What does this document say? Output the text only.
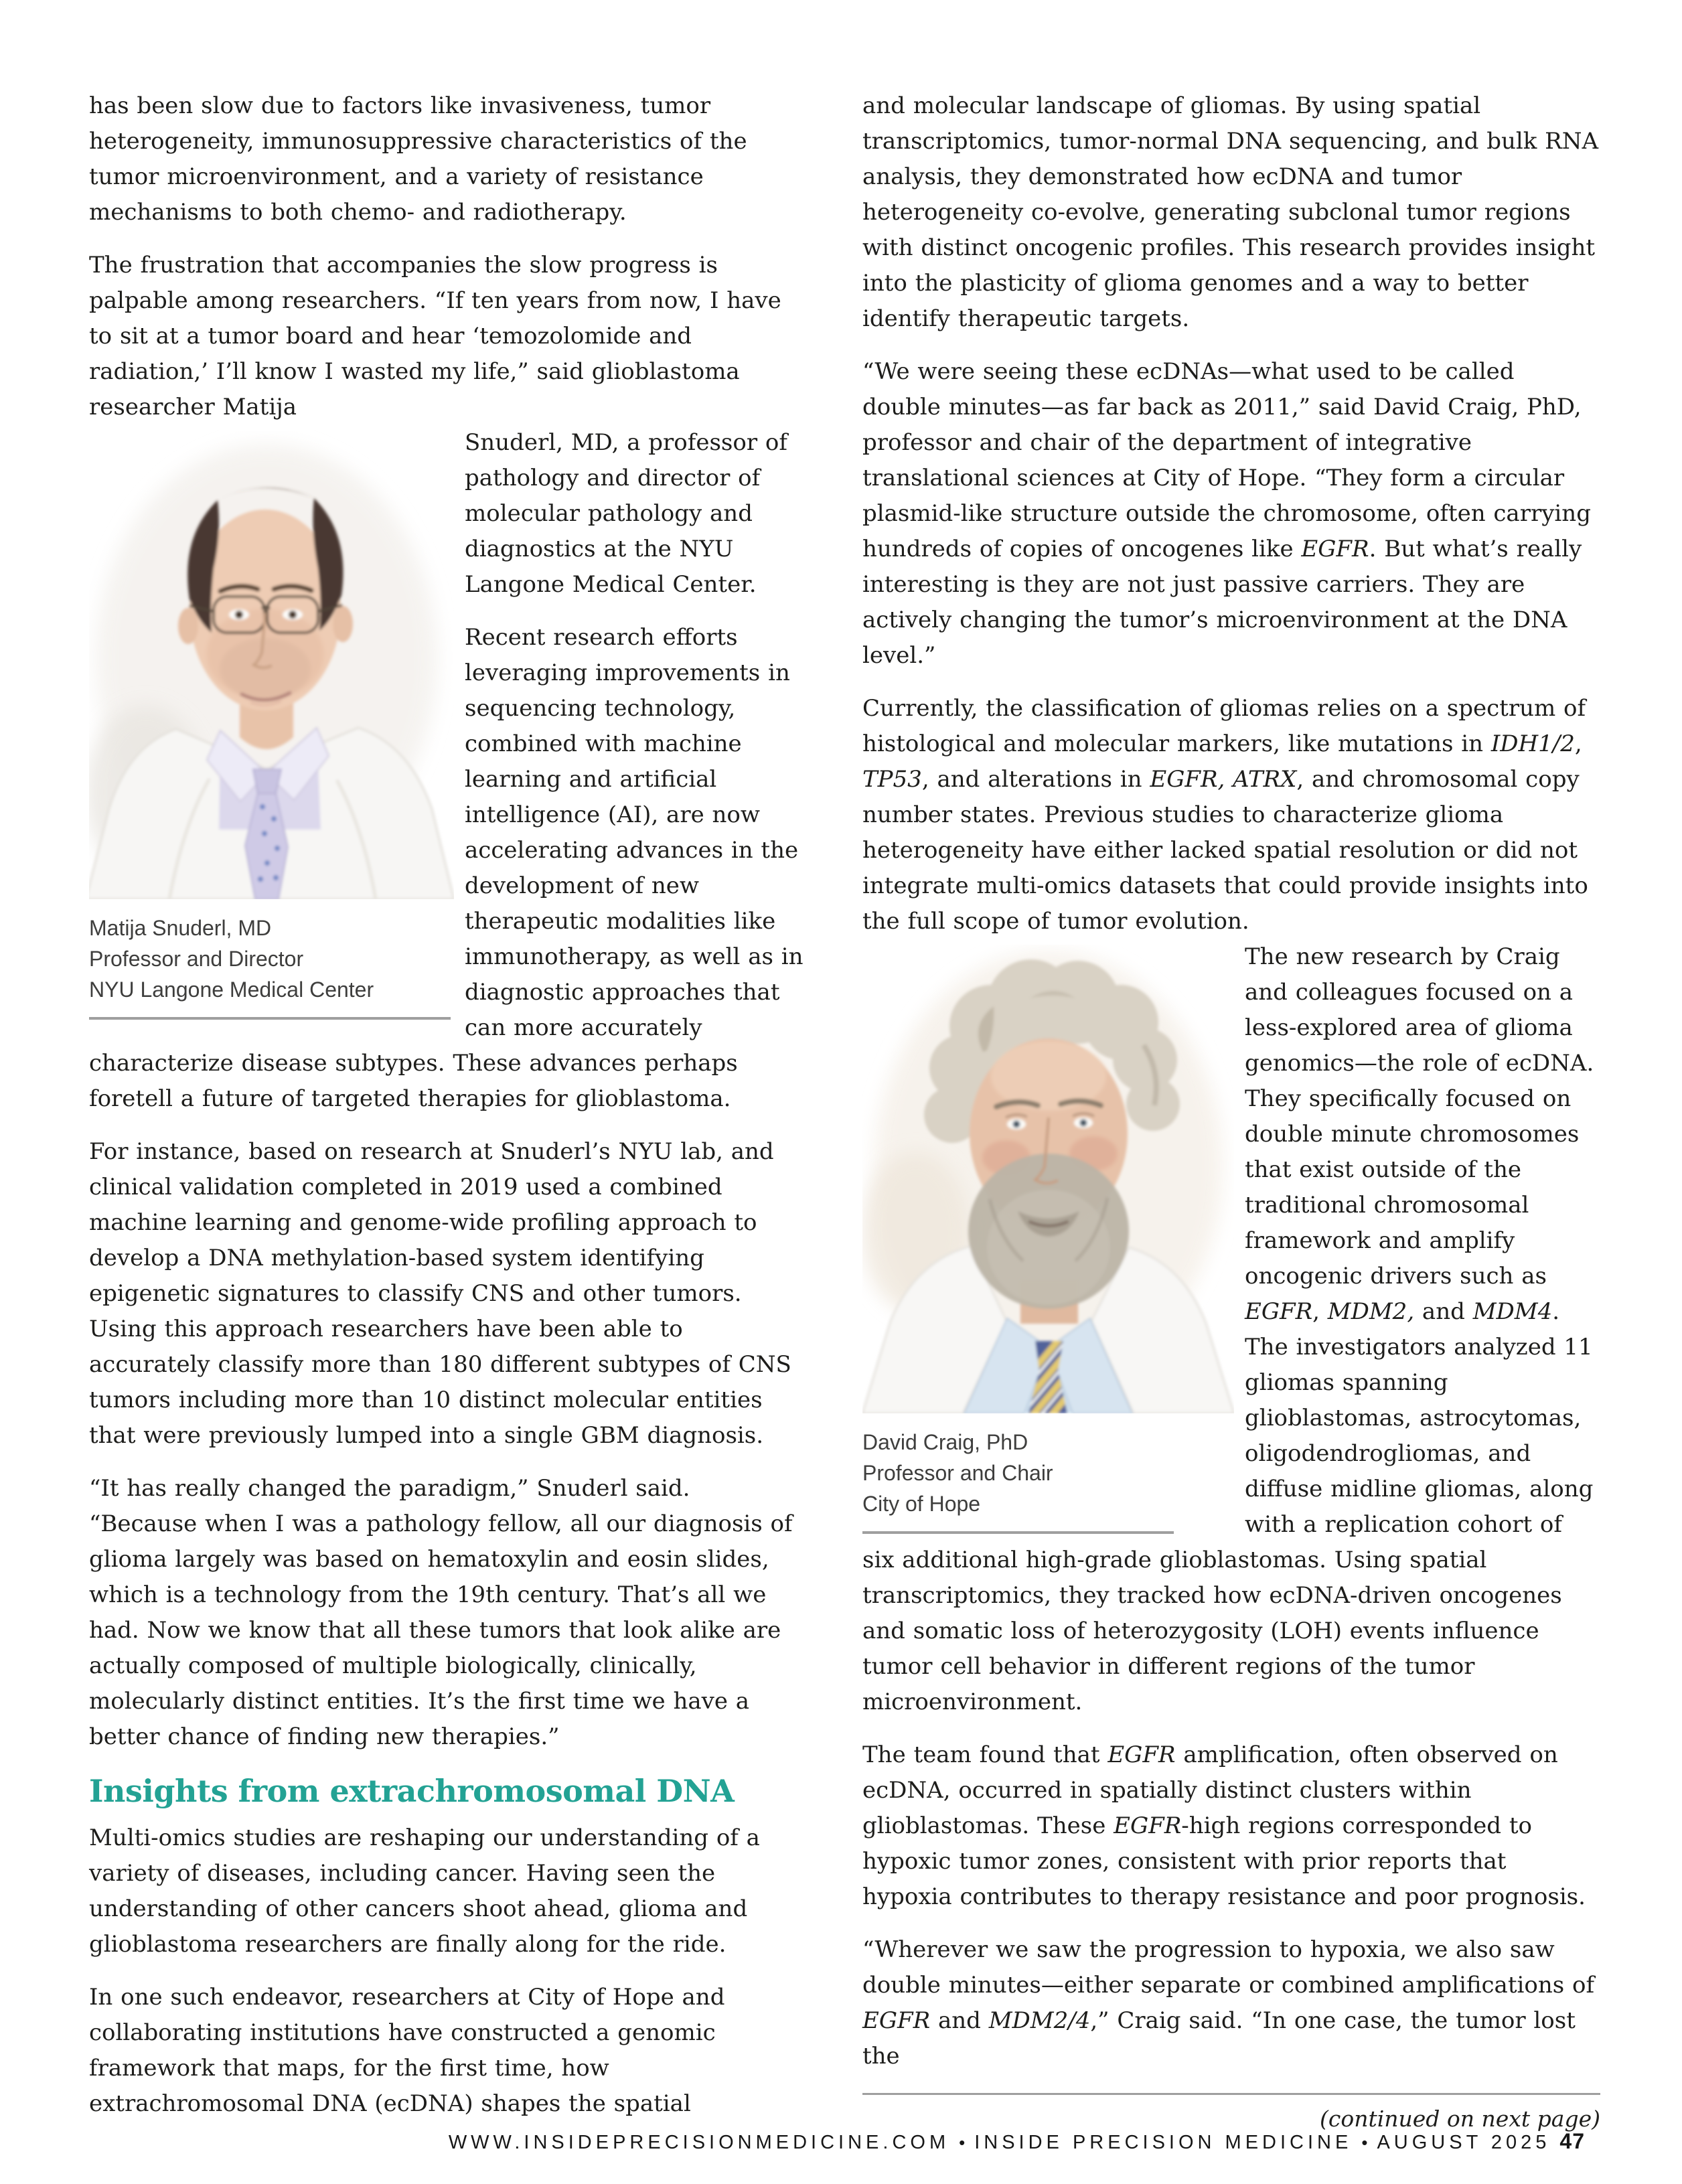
has been slow due to factors like invasiveness, tumor heterogeneity, immunosuppressive characteristics of the tumor microenvironment, and a variety of resistance mechanisms to both chemo- and radiotherapy.

The frustration that accompanies the slow progress is palpable among researchers. “If ten years from now, I have to sit at a tumor board and hear ‘temozolomide and radiation,’ I’ll know I wasted my life,” said glioblastoma researcher Matija

Matija Snuderl, MD
Professor and Director
NYU Langone Medical Center

Snuderl, MD, a professor of pathology and director of molecular pathology and diagnostics at the NYU Langone Medical Center.

Recent research efforts leveraging improvements in sequencing technology, combined with machine learning and artificial intelligence (AI), are now accelerating advances in the development of new therapeutic modalities like immunotherapy, as well as in diagnostic approaches that can more accurately characterize disease subtypes. These advances perhaps foretell a future of targeted therapies for glioblastoma.

For instance, based on research at Snuderl’s NYU lab, and clinical validation completed in 2019 used a combined machine learning and genome-wide profiling approach to develop a DNA methylation-based system identifying epigenetic signatures to classify CNS and other tumors. Using this approach researchers have been able to accurately classify more than 180 different subtypes of CNS tumors including more than 10 distinct molecular entities that were previously lumped into a single GBM diagnosis.

“It has really changed the paradigm,” Snuderl said. “Because when I was a pathology fellow, all our diagnosis of glioma largely was based on hematoxylin and eosin slides, which is a technology from the 19th century. That’s all we had. Now we know that all these tumors that look alike are actually composed of multiple biologically, clinically, molecularly distinct entities. It’s the first time we have a better chance of finding new therapies.”

Insights from extrachromosomal DNA

Multi-omics studies are reshaping our understanding of a variety of diseases, including cancer. Having seen the understanding of other cancers shoot ahead, glioma and glioblastoma researchers are finally along for the ride.

In one such endeavor, researchers at City of Hope and collaborating institutions have constructed a genomic framework that maps, for the first time, how extrachromosomal DNA (ecDNA) shapes the spatial

and molecular landscape of gliomas. By using spatial transcriptomics, tumor-normal DNA sequencing, and bulk RNA analysis, they demonstrated how ecDNA and tumor heterogeneity co-evolve, generating subclonal tumor regions with distinct oncogenic profiles. This research provides insight into the plasticity of glioma genomes and a way to better identify therapeutic targets.

“We were seeing these ecDNAs—what used to be called double minutes—as far back as 2011,” said David Craig, PhD, professor and chair of the department of integrative translational sciences at City of Hope. “They form a circular plasmid-like structure outside the chromosome, often carrying hundreds of copies of oncogenes like EGFR. But what’s really interesting is they are not just passive carriers. They are actively changing the tumor’s microenvironment at the DNA level.”

Currently, the classification of gliomas relies on a spectrum of histological and molecular markers, like mutations in IDH1/2, TP53, and alterations in EGFR, ATRX, and chromosomal copy number states. Previous studies to characterize glioma heterogeneity have either lacked spatial resolution or did not integrate multi-omics datasets that could provide insights into the full scope of tumor evolution.

David Craig, PhD
Professor and Chair
City of Hope

The new research by Craig and colleagues focused on a less-explored area of glioma genomics—the role of ecDNA. They specifically focused on double minute chromosomes that exist outside of the traditional chromosomal framework and amplify oncogenic drivers such as EGFR, MDM2, and MDM4. The investigators analyzed 11 gliomas spanning glioblastomas, astrocytomas, oligodendrogliomas, and diffuse midline gliomas, along with a replication cohort of six additional high-grade glioblastomas. Using spatial transcriptomics, they tracked how ecDNA-driven oncogenes and somatic loss of heterozygosity (LOH) events influence tumor cell behavior in different regions of the tumor microenvironment.

The team found that EGFR amplification, often observed on ecDNA, occurred in spatially distinct clusters within glioblastomas. These EGFR-high regions corresponded to hypoxic tumor zones, consistent with prior reports that hypoxia contributes to therapy resistance and poor prognosis.

“Wherever we saw the progression to hypoxia, we also saw double minutes—either separate or combined amplifications of EGFR and MDM2/4,” Craig said. “In one case, the tumor lost the

(continued on next page)
WWW.INSIDEPRECISIONMEDICINE.COM • INSIDE PRECISION MEDICINE • AUGUST 2025 47
